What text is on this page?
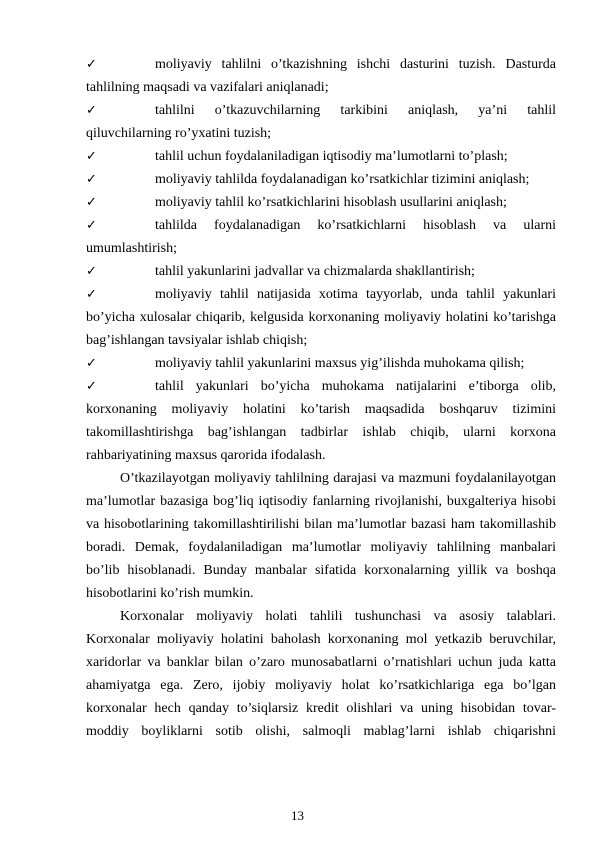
✓	moliyaviy tahlilni o’tkazishning ishchi dasturini tuzish. Dasturda
tahlilning maqsadi va vazifalari aniqlanadi;

✓	tahlilni o’tkazuvchilarning tarkibini aniqlash, ya’ni tahlil
qiluvchilarning ro’yxatini tuzish;

✓	tahlil uchun foydalaniladigan iqtisodiy ma’lumotlarni to’plash;

✓	moliyaviy tahlilda foydalanadigan ko’rsatkichlar tizimini aniqlash;

✓	moliyaviy tahlil ko’rsatkichlarini hisoblash usullarini aniqlash;

✓	tahlilda foydalanadigan ko’rsatkichlarni hisoblash va ularni
umumlashtirish;

✓	tahlil yakunlarini jadvallar va chizmalarda shakllantirish;

✓	moliyaviy tahlil natijasida xotima tayyorlab, unda tahlil yakunlari
bo’yicha xulosalar chiqarib, kelgusida korxonaning moliyaviy holatini ko’tarishga bag’ishlangan tavsiyalar ishlab chiqish;

✓	moliyaviy tahlil yakunlarini maxsus yig’ilishda muhokama qilish;

✓	tahlil yakunlari bo’yicha muhokama natijalarini e’tiborga olib,
korxonaning moliyaviy holatini ko’tarish maqsadida boshqaruv tizimini takomillashtirishga bag’ishlangan tadbirlar ishlab chiqib, ularni korxona rahbariyatining maxsus qarorida ifodalash.

O’tkazilayotgan moliyaviy tahlilning darajasi va mazmuni foydalanilayotgan ma’lumotlar bazasiga bog’liq iqtisodiy fanlarning rivojlanishi, buxgalteriya hisobi va hisobotlarining takomillashtirilishi bilan ma’lumotlar bazasi ham takomillashib boradi. Demak, foydalaniladigan ma’lumotlar moliyaviy tahlilning manbalari bo’lib hisoblanadi. Bunday manbalar sifatida korxonalarning yillik va boshqa hisobotlarini ko’rish mumkin.

Korxonalar moliyaviy holati tahlili tushunchasi va asosiy talablari. Korxonalar moliyaviy holatini baholash korxonaning mol yetkazib beruvchilar, xaridorlar va banklar bilan o’zaro munosabatlarni o’rnatishlari uchun juda katta ahamiyatga ega. Zero, ijobiy moliyaviy holat ko’rsatkichlariga ega bo’lgan korxonalar hech qanday to’siqlarsiz kredit olishlari va uning hisobidan tovar-moddiy boyliklarni sotib olishi, salmoqli mablag’larni ishlab chiqarishni

13
